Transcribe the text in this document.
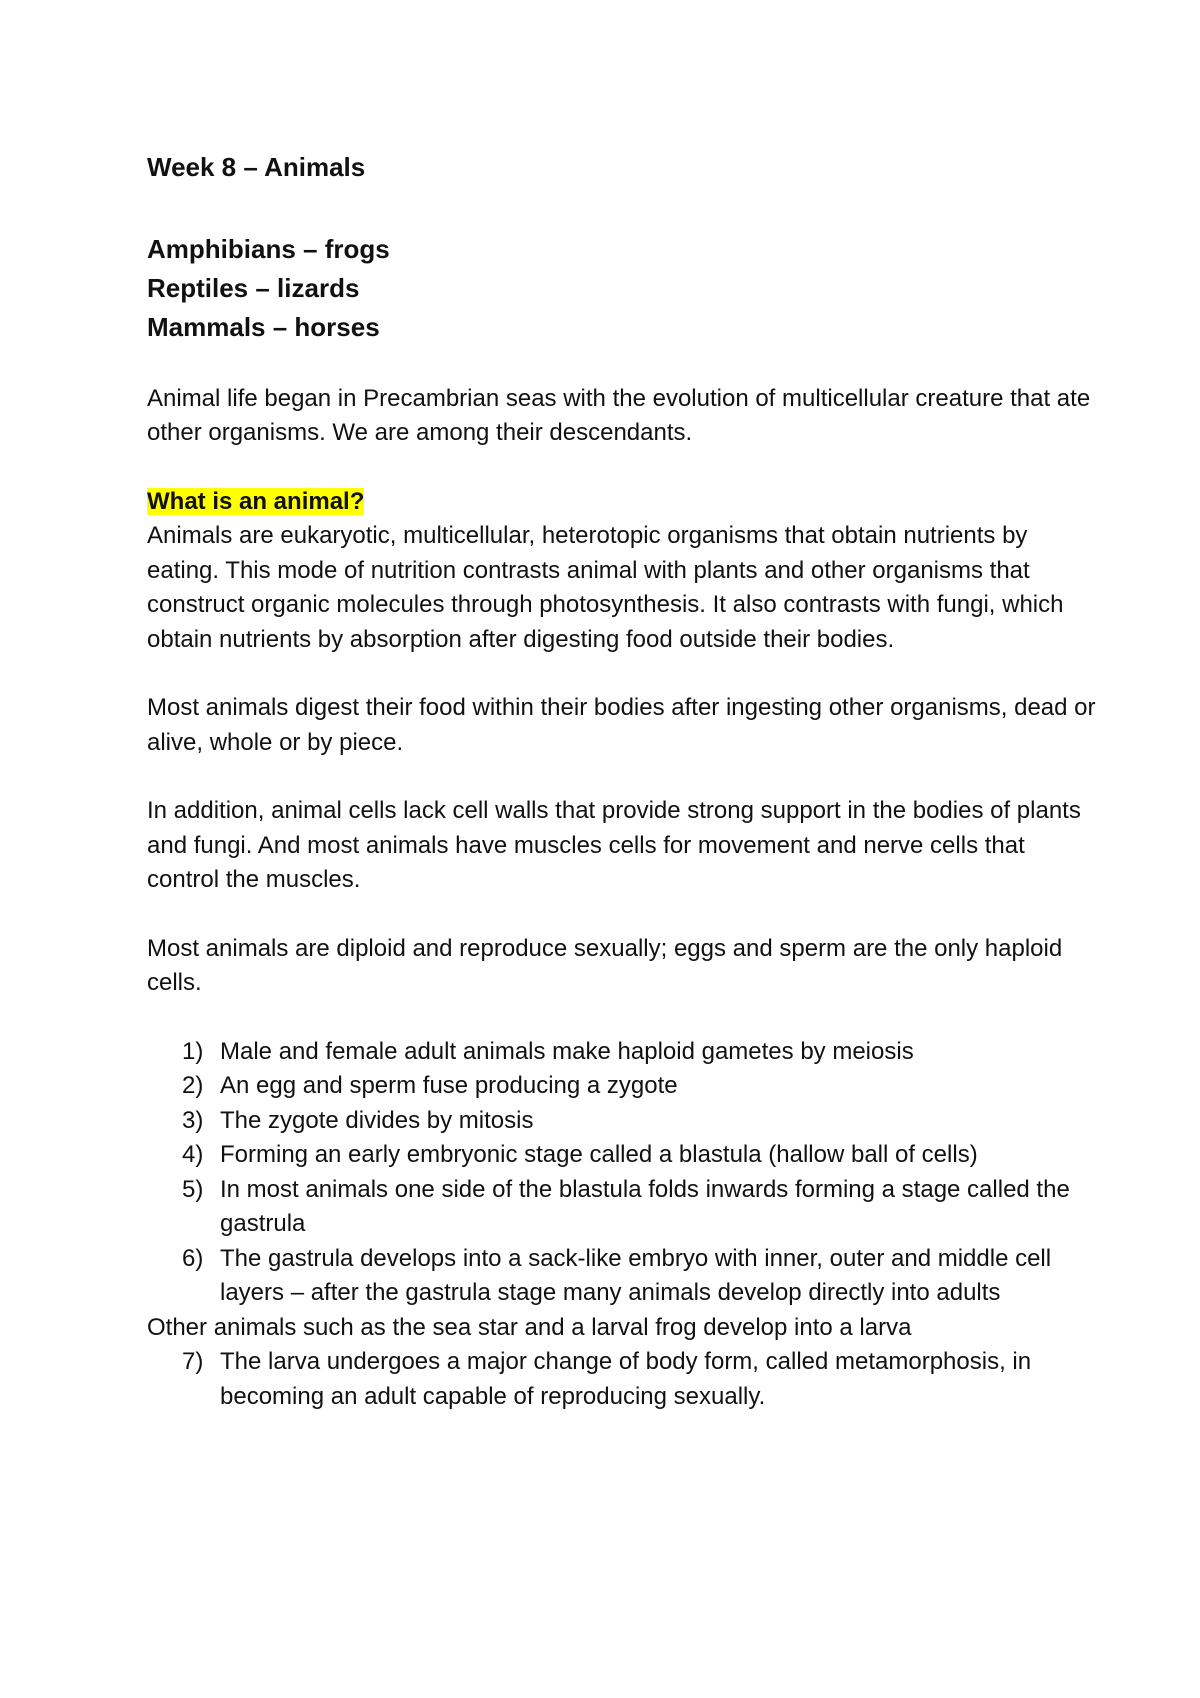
Week 8 – Animals
Amphibians – frogs
Reptiles – lizards
Mammals – horses

Animal life began in Precambrian seas with the evolution of multicellular creature that ate other organisms. We are among their descendants.

What is an animal?

Animals are eukaryotic, multicellular, heterotopic organisms that obtain nutrients by eating. This mode of nutrition contrasts animal with plants and other organisms that construct organic molecules through photosynthesis. It also contrasts with fungi, which obtain nutrients by absorption after digesting food outside their bodies.

Most animals digest their food within their bodies after ingesting other organisms, dead or alive, whole or by piece.

In addition, animal cells lack cell walls that provide strong support in the bodies of plants and fungi. And most animals have muscles cells for movement and nerve cells that control the muscles.

Most animals are diploid and reproduce sexually; eggs and sperm are the only haploid cells.

1) Male and female adult animals make haploid gametes by meiosis
2) An egg and sperm fuse producing a zygote
3) The zygote divides by mitosis
4) Forming an early embryonic stage called a blastula (hallow ball of cells)
5) In most animals one side of the blastula folds inwards forming a stage called the gastrula
6) The gastrula develops into a sack-like embryo with inner, outer and middle cell layers – after the gastrula stage many animals develop directly into adults
Other animals such as the sea star and a larval frog develop into a larva
7) The larva undergoes a major change of body form, called metamorphosis, in becoming an adult capable of reproducing sexually.
